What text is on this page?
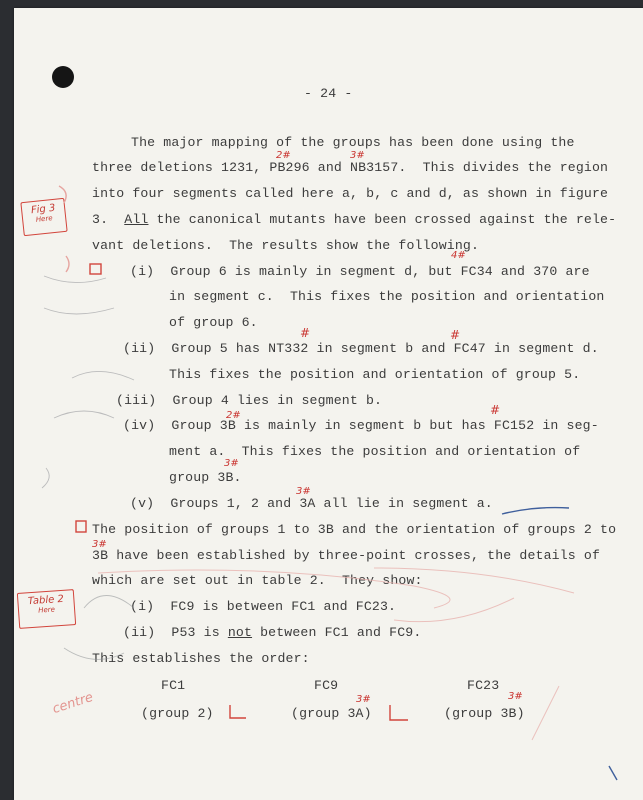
- 24 -

The major mapping of the groups has been done using the

three deletions 1231, PB296 and NB3157.  This divides the region

into four segments called here a, b, c and d, as shown in figure

3.  All the canonical mutants have been crossed against the rele-

vant deletions.  The results show the following.

(i)  Group 6 is mainly in segment d, but FC34 and 370 are

in segment c.  This fixes the position and orientation

of group 6.

(ii)  Group 5 has NT332 in segment b and FC47 in segment d.

This fixes the position and orientation of group 5.

(iii)  Group 4 lies in segment b.

(iv)  Group 3B is mainly in segment b but has FC152 in seg-

ment a.  This fixes the position and orientation of

group 3B.

(v)  Groups 1, 2 and 3A all lie in segment a.

The position of groups 1 to 3B and the orientation of groups 2 to

3B have been established by three-point crosses, the details of

which are set out in table 2.  They show:

(i)  FC9 is between FC1 and FC23.

(ii)  P53 is not between FC1 and FC9.

This establishes the order:

FC1	FC9	FC23

(group 2)	(group 3A)	(group 3B)

Fig 3
Here
Table 2
Here
2#	3#
4#
#	#
2#	#
3#
3#
3#
3#	3#
centre
